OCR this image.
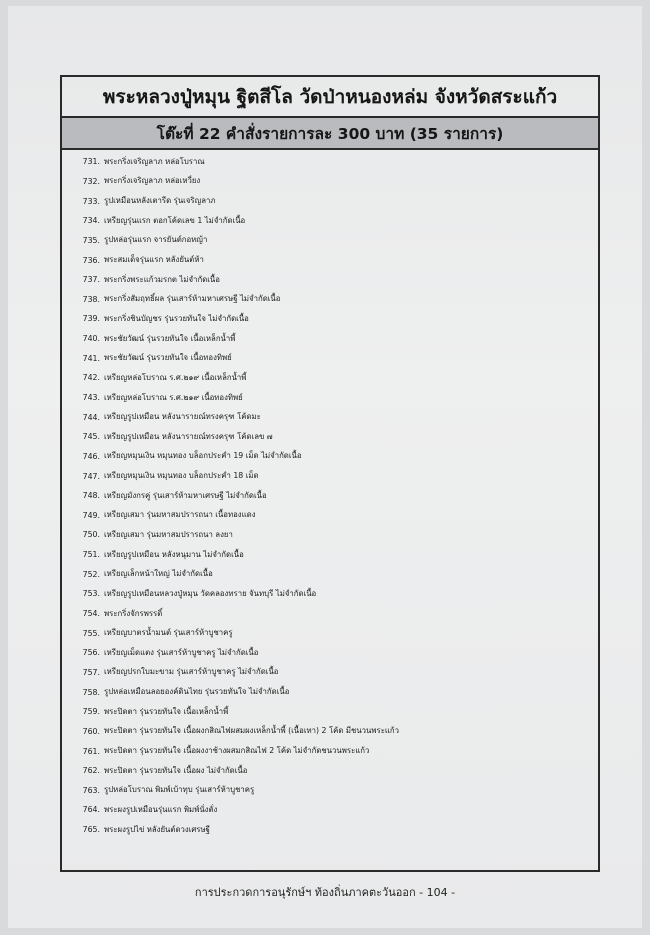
พระหลวงปู่หมุน ฐิตสีโล วัดป่าหนองหล่ม จังหวัดสระแก้ว
โต๊ะที่ 22 คำสั่งรายการละ 300 บาท (35 รายการ)
731. พระกริ่งเจริญลาภ หล่อโบราณ
732. พระกริ่งเจริญลาภ หล่อเหวี่ยง
733. รูปเหมือนหลังเตารีด รุ่นเจริญลาภ
734. เหรียญรุ่นแรก ตอกโค้ดเลข 1 ไม่จำกัดเนื้อ
735. รูปหล่อรุ่นแรก จารยันต์กอหญ้า
736. พระสมเด็จรุ่นแรก หลังยันต์ห้า
737. พระกริ่งพระแก้วมรกต ไม่จำกัดเนื้อ
738. พระกริ่งสัมฤทธิ์ผล รุ่นเสาร์ห้ามหาเศรษฐี ไม่จำกัดเนื้อ
739. พระกริ่งชินบัญชร รุ่นรวยทันใจ ไม่จำกัดเนื้อ
740. พระชัยวัฒน์ รุ่นรวยทันใจ เนื้อเหล็กน้ำพี้
741. พระชัยวัฒน์ รุ่นรวยทันใจ เนื้อทองทิพย์
742. เหรียญหล่อโบราณ ร.ศ.๒๑๙ เนื้อเหล็กน้ำพี้
743. เหรียญหล่อโบราณ ร.ศ.๒๑๙ เนื้อทองทิพย์
744. เหรียญรูปเหมือน หลังนารายณ์ทรงครุฑ โค้ดมะ
745. เหรียญรูปเหมือน หลังนารายณ์ทรงครุฑ โค้ดเลข ๗
746. เหรียญหมุนเงิน หมุนทอง บล็อกประคำ 19 เม็ด ไม่จำกัดเนื้อ
747. เหรียญหมุนเงิน หมุนทอง บล็อกประคำ 18 เม็ด
748. เหรียญมังกรคู่ รุ่นเสาร์ห้ามหาเศรษฐี ไม่จำกัดเนื้อ
749. เหรียญเสมา รุ่นมหาสมปรารถนา เนื้อทองแดง
750. เหรียญเสมา รุ่นมหาสมปรารถนา ลงยา
751. เหรียญรูปเหมือน หลังหนุมาน ไม่จำกัดเนื้อ
752. เหรียญเล็กหน้าใหญ่ ไม่จำกัดเนื้อ
753. เหรียญรูปเหมือนหลวงปู่หมุน วัดคลองทราย จันทบุรี ไม่จำกัดเนื้อ
754. พระกริ่งจักรพรรดิ์
755. เหรียญบาตรน้ำมนต์ รุ่นเสาร์ห้าบูชาครู
756. เหรียญเม็ดแตง รุ่นเสาร์ห้าบูชาครู ไม่จำกัดเนื้อ
757. เหรียญปรกใบมะขาม รุ่นเสาร์ห้าบูชาครู ไม่จำกัดเนื้อ
758. รูปหล่อเหมือนลอยองค์ดินไทย รุ่นรวยทันใจ ไม่จำกัดเนื้อ
759. พระปิดตา รุ่นรวยทันใจ เนื้อเหล็กน้ำพี้
760. พระปิดตา รุ่นรวยทันใจ เนื้อผงกสิณไฟผสมผงเหล็กน้ำพี้ (เนื้อเทา) 2 โค้ด มีชนวนพระแก้ว
761. พระปิดตา รุ่นรวยทันใจ เนื้อผงงาช้างผสมกสิณไฟ 2 โค้ด ไม่จำกัดชนวนพระแก้ว
762. พระปิดตา รุ่นรวยทันใจ เนื้อผง ไม่จำกัดเนื้อ
763. รูปหล่อโบราณ พิมพ์เบ้าทุบ รุ่นเสาร์ห้าบูชาครู
764. พระผงรูปเหมือนรุ่นแรก พิมพ์นั่งตั่ง
765. พระผงรูปไข่ หลังยันต์ดวงเศรษฐี
การประกวดการอนุรักษ์ฯ ท้องถิ่นภาคตะวันออก - 104 -
